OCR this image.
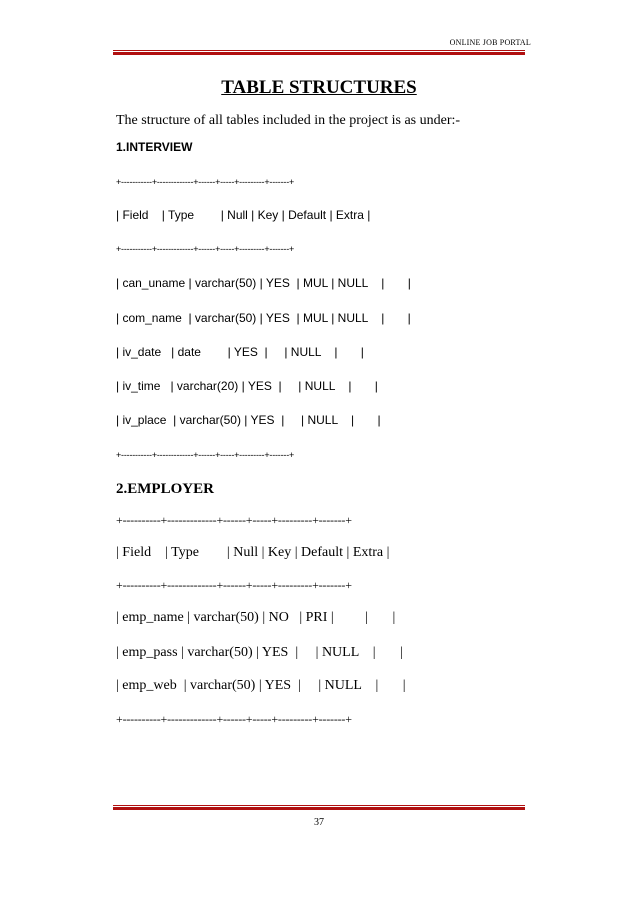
ONLINE JOB PORTAL
TABLE STRUCTURES
The structure of all tables included in the project is as under:-
1.INTERVIEW
+-----------+-------------+------+-----+---------+-------+
| Field    | Type        | Null | Key | Default | Extra |
+-----------+-------------+------+-----+---------+-------+
| can_uname | varchar(50) | YES  | MUL | NULL    |       |
| com_name  | varchar(50) | YES  | MUL | NULL    |       |
| iv_date   | date        | YES  |     | NULL    |       |
| iv_time   | varchar(20) | YES  |     | NULL    |       |
| iv_place  | varchar(50) | YES  |     | NULL    |       |
+-----------+-------------+------+-----+---------+-------+
2.EMPLOYER
+----------+-------------+------+-----+---------+-------+
| Field    | Type        | Null | Key | Default | Extra |
+----------+-------------+------+-----+---------+-------+
| emp_name | varchar(50) | NO   | PRI |         |       |
| emp_pass | varchar(50) | YES  |     | NULL    |       |
| emp_web  | varchar(50) | YES  |     | NULL    |       |
+----------+-------------+------+-----+---------+-------+
37
